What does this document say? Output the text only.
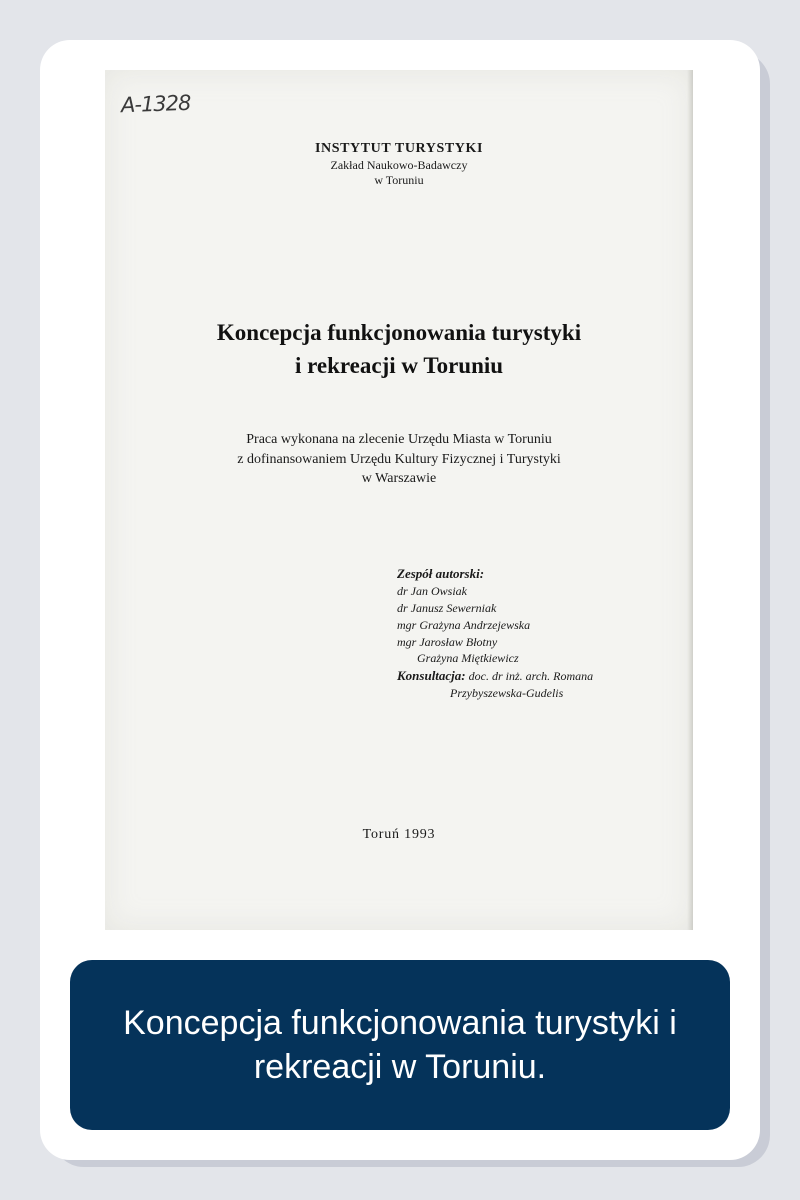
A-1328
INSTYTUT TURYSTYKI
Zakład Naukowo-Badawczy
w Toruniu
Koncepcja funkcjonowania turystyki
i rekreacji w Toruniu
Praca wykonana na zlecenie Urzędu Miasta w Toruniu
z dofinansowaniem Urzędu Kultury Fizycznej i Turystyki
w Warszawie
Zespół autorski:
dr Jan Owsiak
dr Janusz Sewerniak
mgr Grażyna Andrzejewska
mgr Jarosław Błotny
Grażyna Miętkiewicz
Konsultacja: doc. dr inż. arch. Romana
Przybyszewska-Gudelis
Toruń 1993
Koncepcja funkcjonowania turystyki i rekreacji w Toruniu.
